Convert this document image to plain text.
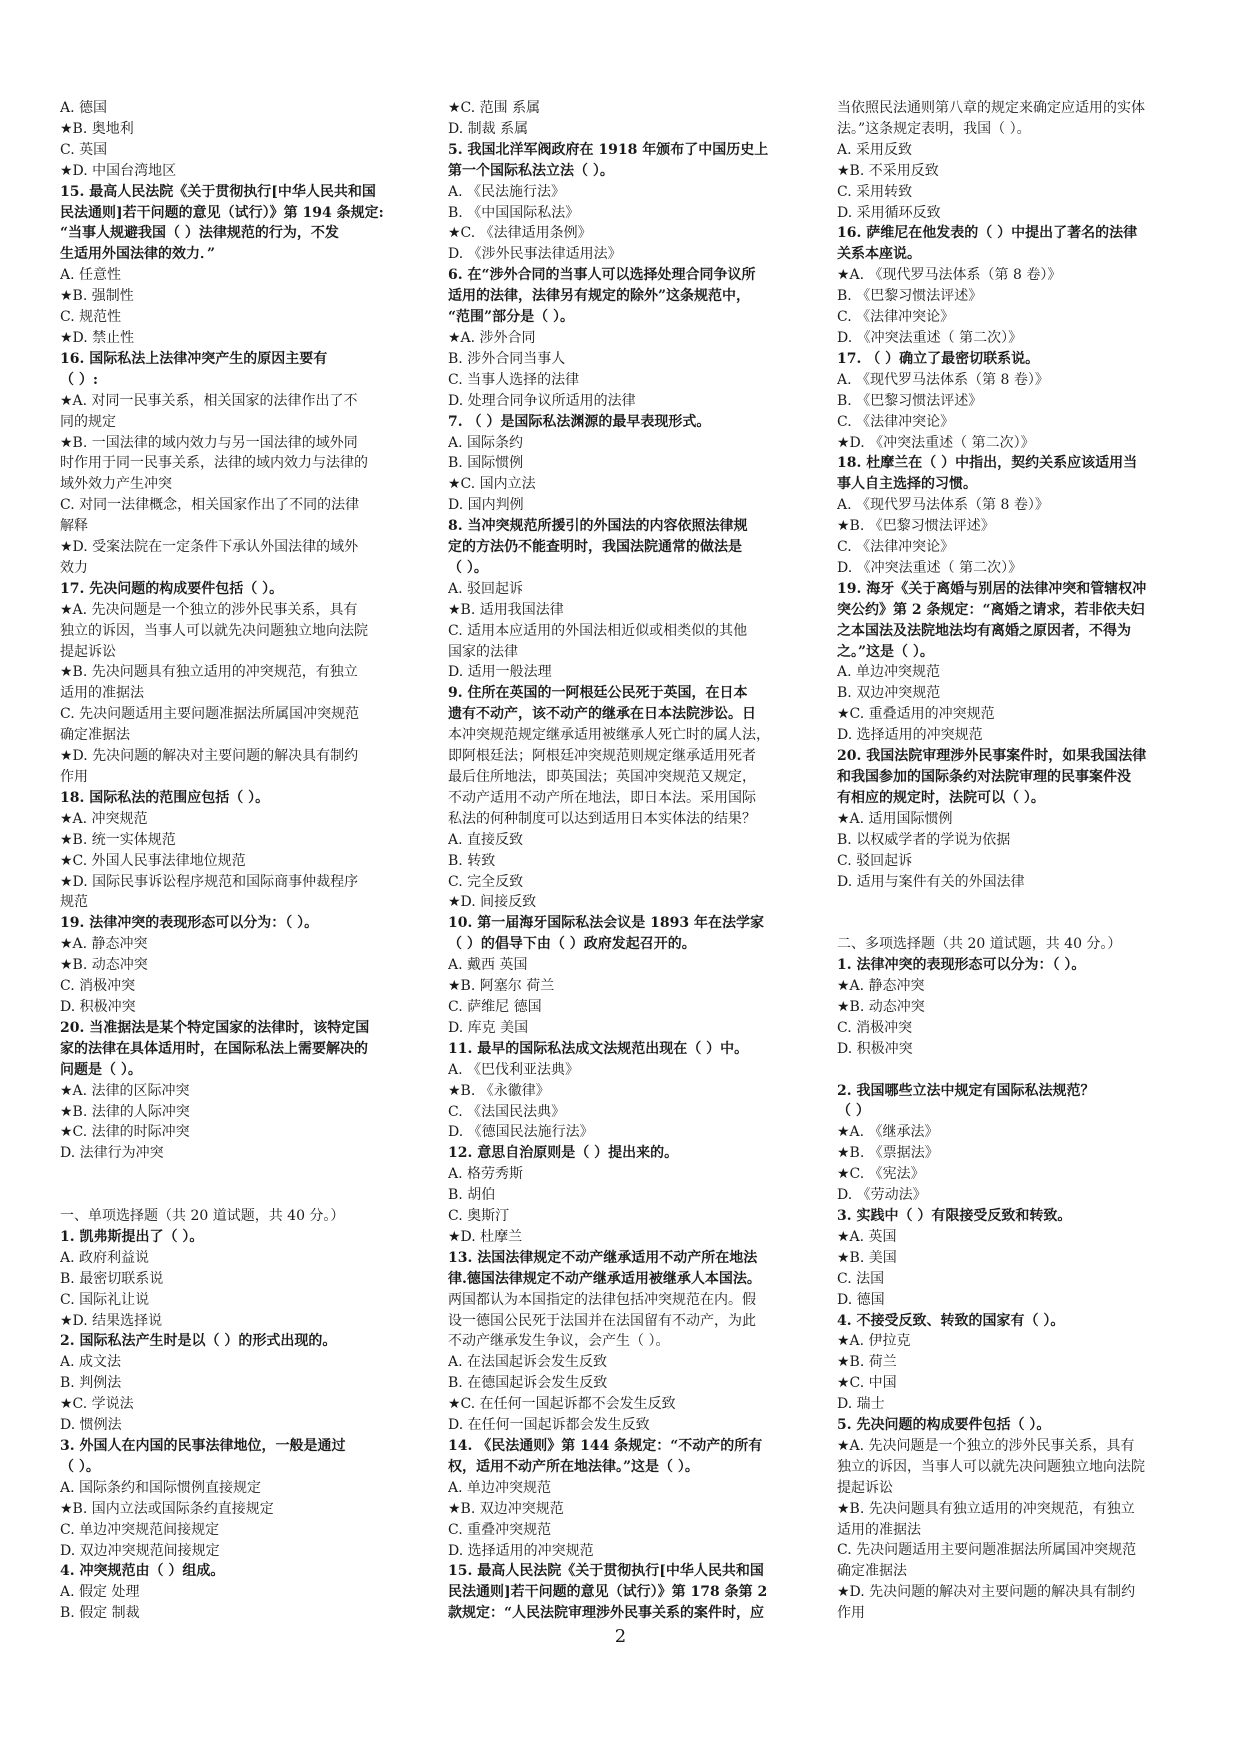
A. 德国
★B. 奥地利
C. 英国
★D. 中国台湾地区
15. 最高人民法院《关于贯彻执行[中华人民共和国
民法通则]若干问题的意见（试行）》第 194 条规定:
“当事人规避我国（ ）法律规范的行为，不发
生适用外国法律的效力．”
A. 任意性
★B. 强制性
C. 规范性
★D. 禁止性
16. 国际私法上法律冲突产生的原因主要有
（ ）:
★A. 对同一民事关系，相关国家的法律作出了不
同的规定
★B. 一国法律的域内效力与另一国法律的域外同
时作用于同一民事关系，法律的域内效力与法律的
域外效力产生冲突
C. 对同一法律概念，相关国家作出了不同的法律
解释
★D. 受案法院在一定条件下承认外国法律的域外
效力
17. 先决问题的构成要件包括（ ）。
★A. 先决问题是一个独立的涉外民事关系，具有
独立的诉因，当事人可以就先决问题独立地向法院
提起诉讼
★B. 先决问题具有独立适用的冲突规范，有独立
适用的准据法
C. 先决问题适用主要问题准据法所属国冲突规范
确定准据法
★D. 先决问题的解决对主要问题的解决具有制约
作用
18. 国际私法的范围应包括（ ）。
★A. 冲突规范
★B. 统一实体规范
★C. 外国人民事法律地位规范
★D. 国际民事诉讼程序规范和国际商事仲裁程序
规范
19. 法律冲突的表现形态可以分为：（ ）。
★A. 静态冲突
★B. 动态冲突
C. 消极冲突
D. 积极冲突
20. 当准据法是某个特定国家的法律时，该特定国
家的法律在具体适用时，在国际私法上需要解决的
问题是（ ）。
★A. 法律的区际冲突
★B. 法律的人际冲突
★C. 法律的时际冲突
D. 法律行为冲突
一、单项选择题（共 20 道试题，共 40 分。）
1. 凯弗斯提出了（ ）。
A. 政府利益说
B. 最密切联系说
C. 国际礼让说
★D. 结果选择说
2. 国际私法产生时是以（ ）的形式出现的。
A. 成文法
B. 判例法
★C. 学说法
D. 惯例法
3. 外国人在内国的民事法律地位，一般是通过
（ ）。
A. 国际条约和国际惯例直接规定
★B. 国内立法或国际条约直接规定
C. 单边冲突规范间接规定
D. 双边冲突规范间接规定
4. 冲突规范由（ ）组成。
A. 假定 处理
B. 假定 制裁
★C. 范围 系属
D. 制裁 系属
5. 我国北洋军阀政府在 1918 年颁布了中国历史上
第一个国际私法立法（ ）。
A. 《民法施行法》
B. 《中国国际私法》
★C. 《法律适用条例》
D. 《涉外民事法律适用法》
6. 在“涉外合同的当事人可以选择处理合同争议所
适用的法律，法律另有规定的除外”这条规范中，
“范围”部分是（ ）。
★A. 涉外合同
B. 涉外合同当事人
C. 当事人选择的法律
D. 处理合同争议所适用的法律
7. （ ）是国际私法渊源的最早表现形式。
A. 国际条约
B. 国际惯例
★C. 国内立法
D. 国内判例
8. 当冲突规范所援引的外国法的内容依照法律规
定的方法仍不能查明时，我国法院通常的做法是
（ ）。
A. 驳回起诉
★B. 适用我国法律
C. 适用本应适用的外国法相近似或相类似的其他
国家的法律
D. 适用一般法理
9. 住所在英国的一阿根廷公民死于英国，在日本
遗有不动产，该不动产的继承在日本法院涉讼。日
本冲突规范规定继承适用被继承人死亡时的属人法，
即阿根廷法；阿根廷冲突规范则规定继承适用死者
最后住所地法，即英国法；英国冲突规范又规定，
不动产适用不动产所在地法，即日本法。采用国际
私法的何种制度可以达到适用日本实体法的结果？
A. 直接反致
B. 转致
C. 完全反致
★D. 间接反致
10. 第一届海牙国际私法会议是 1893 年在法学家
（ ）的倡导下由（ ）政府发起召开的。
A. 戴西 英国
★B. 阿塞尔 荷兰
C. 萨维尼 德国
D. 库克 美国
11. 最早的国际私法成文法规范出现在（ ）中。
A. 《巴伐利亚法典》
★B. 《永徽律》
C. 《法国民法典》
D. 《德国民法施行法》
12. 意思自治原则是（ ）提出来的。
A. 格劳秀斯
B. 胡伯
C. 奥斯汀
★D. 杜摩兰
13. 法国法律规定不动产继承适用不动产所在地法
律.德国法律规定不动产继承适用被继承人本国法。
两国都认为本国指定的法律包括冲突规范在内。假
设一德国公民死于法国并在法国留有不动产，为此
不动产继承发生争议，会产生（ ）。
A. 在法国起诉会发生反致
B. 在德国起诉会发生反致
★C. 在任何一国起诉都不会发生反致
D. 在任何一国起诉都会发生反致
14. 《民法通则》第 144 条规定：“不动产的所有
权，适用不动产所在地法律。”这是（ ）。
A. 单边冲突规范
★B. 双边冲突规范
C. 重叠冲突规范
D. 选择适用的冲突规范
15. 最高人民法院《关于贯彻执行[中华人民共和国
民法通则]若干问题的意见（试行）》第 178 条第 2
款规定：“人民法院审理涉外民事关系的案件时，应
当依照民法通则第八章的规定来确定应适用的实体
法。”这条规定表明，我国（ ）。
A. 采用反致
★B. 不采用反致
C. 采用转致
D. 采用循环反致
16. 萨维尼在他发表的（ ）中提出了著名的法律
关系本座说。
★A. 《现代罗马法体系（第 8 卷）》
B. 《巴黎习惯法评述》
C. 《法律冲突论》
D. 《冲突法重述（ 第二次）》
17. （ ）确立了最密切联系说。
A. 《现代罗马法体系（第 8 卷）》
B. 《巴黎习惯法评述》
C. 《法律冲突论》
★D. 《冲突法重述（ 第二次）》
18. 杜摩兰在（ ）中指出，契约关系应该适用当
事人自主选择的习惯。
A. 《现代罗马法体系（第 8 卷）》
★B. 《巴黎习惯法评述》
C. 《法律冲突论》
D. 《冲突法重述（ 第二次）》
19. 海牙《关于离婚与别居的法律冲突和管辖权冲
突公约》第 2 条规定：“离婚之请求，若非依夫妇
之本国法及法院地法均有离婚之原因者，不得为
之。”这是（ ）。
A. 单边冲突规范
B. 双边冲突规范
★C. 重叠适用的冲突规范
D. 选择适用的冲突规范
20. 我国法院审理涉外民事案件时，如果我国法律
和我国参加的国际条约对法院审理的民事案件没
有相应的规定时，法院可以（ ）。
★A. 适用国际惯例
B. 以权威学者的学说为依据
C. 驳回起诉
D. 适用与案件有关的外国法律
二、多项选择题（共 20 道试题，共 40 分。）
1. 法律冲突的表现形态可以分为：（ ）。
★A. 静态冲突
★B. 动态冲突
C. 消极冲突
D. 积极冲突
2. 我国哪些立法中规定有国际私法规范？
（ ）
★A. 《继承法》
★B. 《票据法》
★C. 《宪法》
D. 《劳动法》
3. 实践中（ ）有限接受反致和转致。
★A. 英国
★B. 美国
C. 法国
D. 德国
4. 不接受反致、转致的国家有（ ）。
★A. 伊拉克
★B. 荷兰
★C. 中国
D. 瑞士
5. 先决问题的构成要件包括（ ）。
★A. 先决问题是一个独立的涉外民事关系，具有
独立的诉因，当事人可以就先决问题独立地向法院
提起诉讼
★B. 先决问题具有独立适用的冲突规范，有独立
适用的准据法
C. 先决问题适用主要问题准据法所属国冲突规范
确定准据法
★D. 先决问题的解决对主要问题的解决具有制约
作用
2
